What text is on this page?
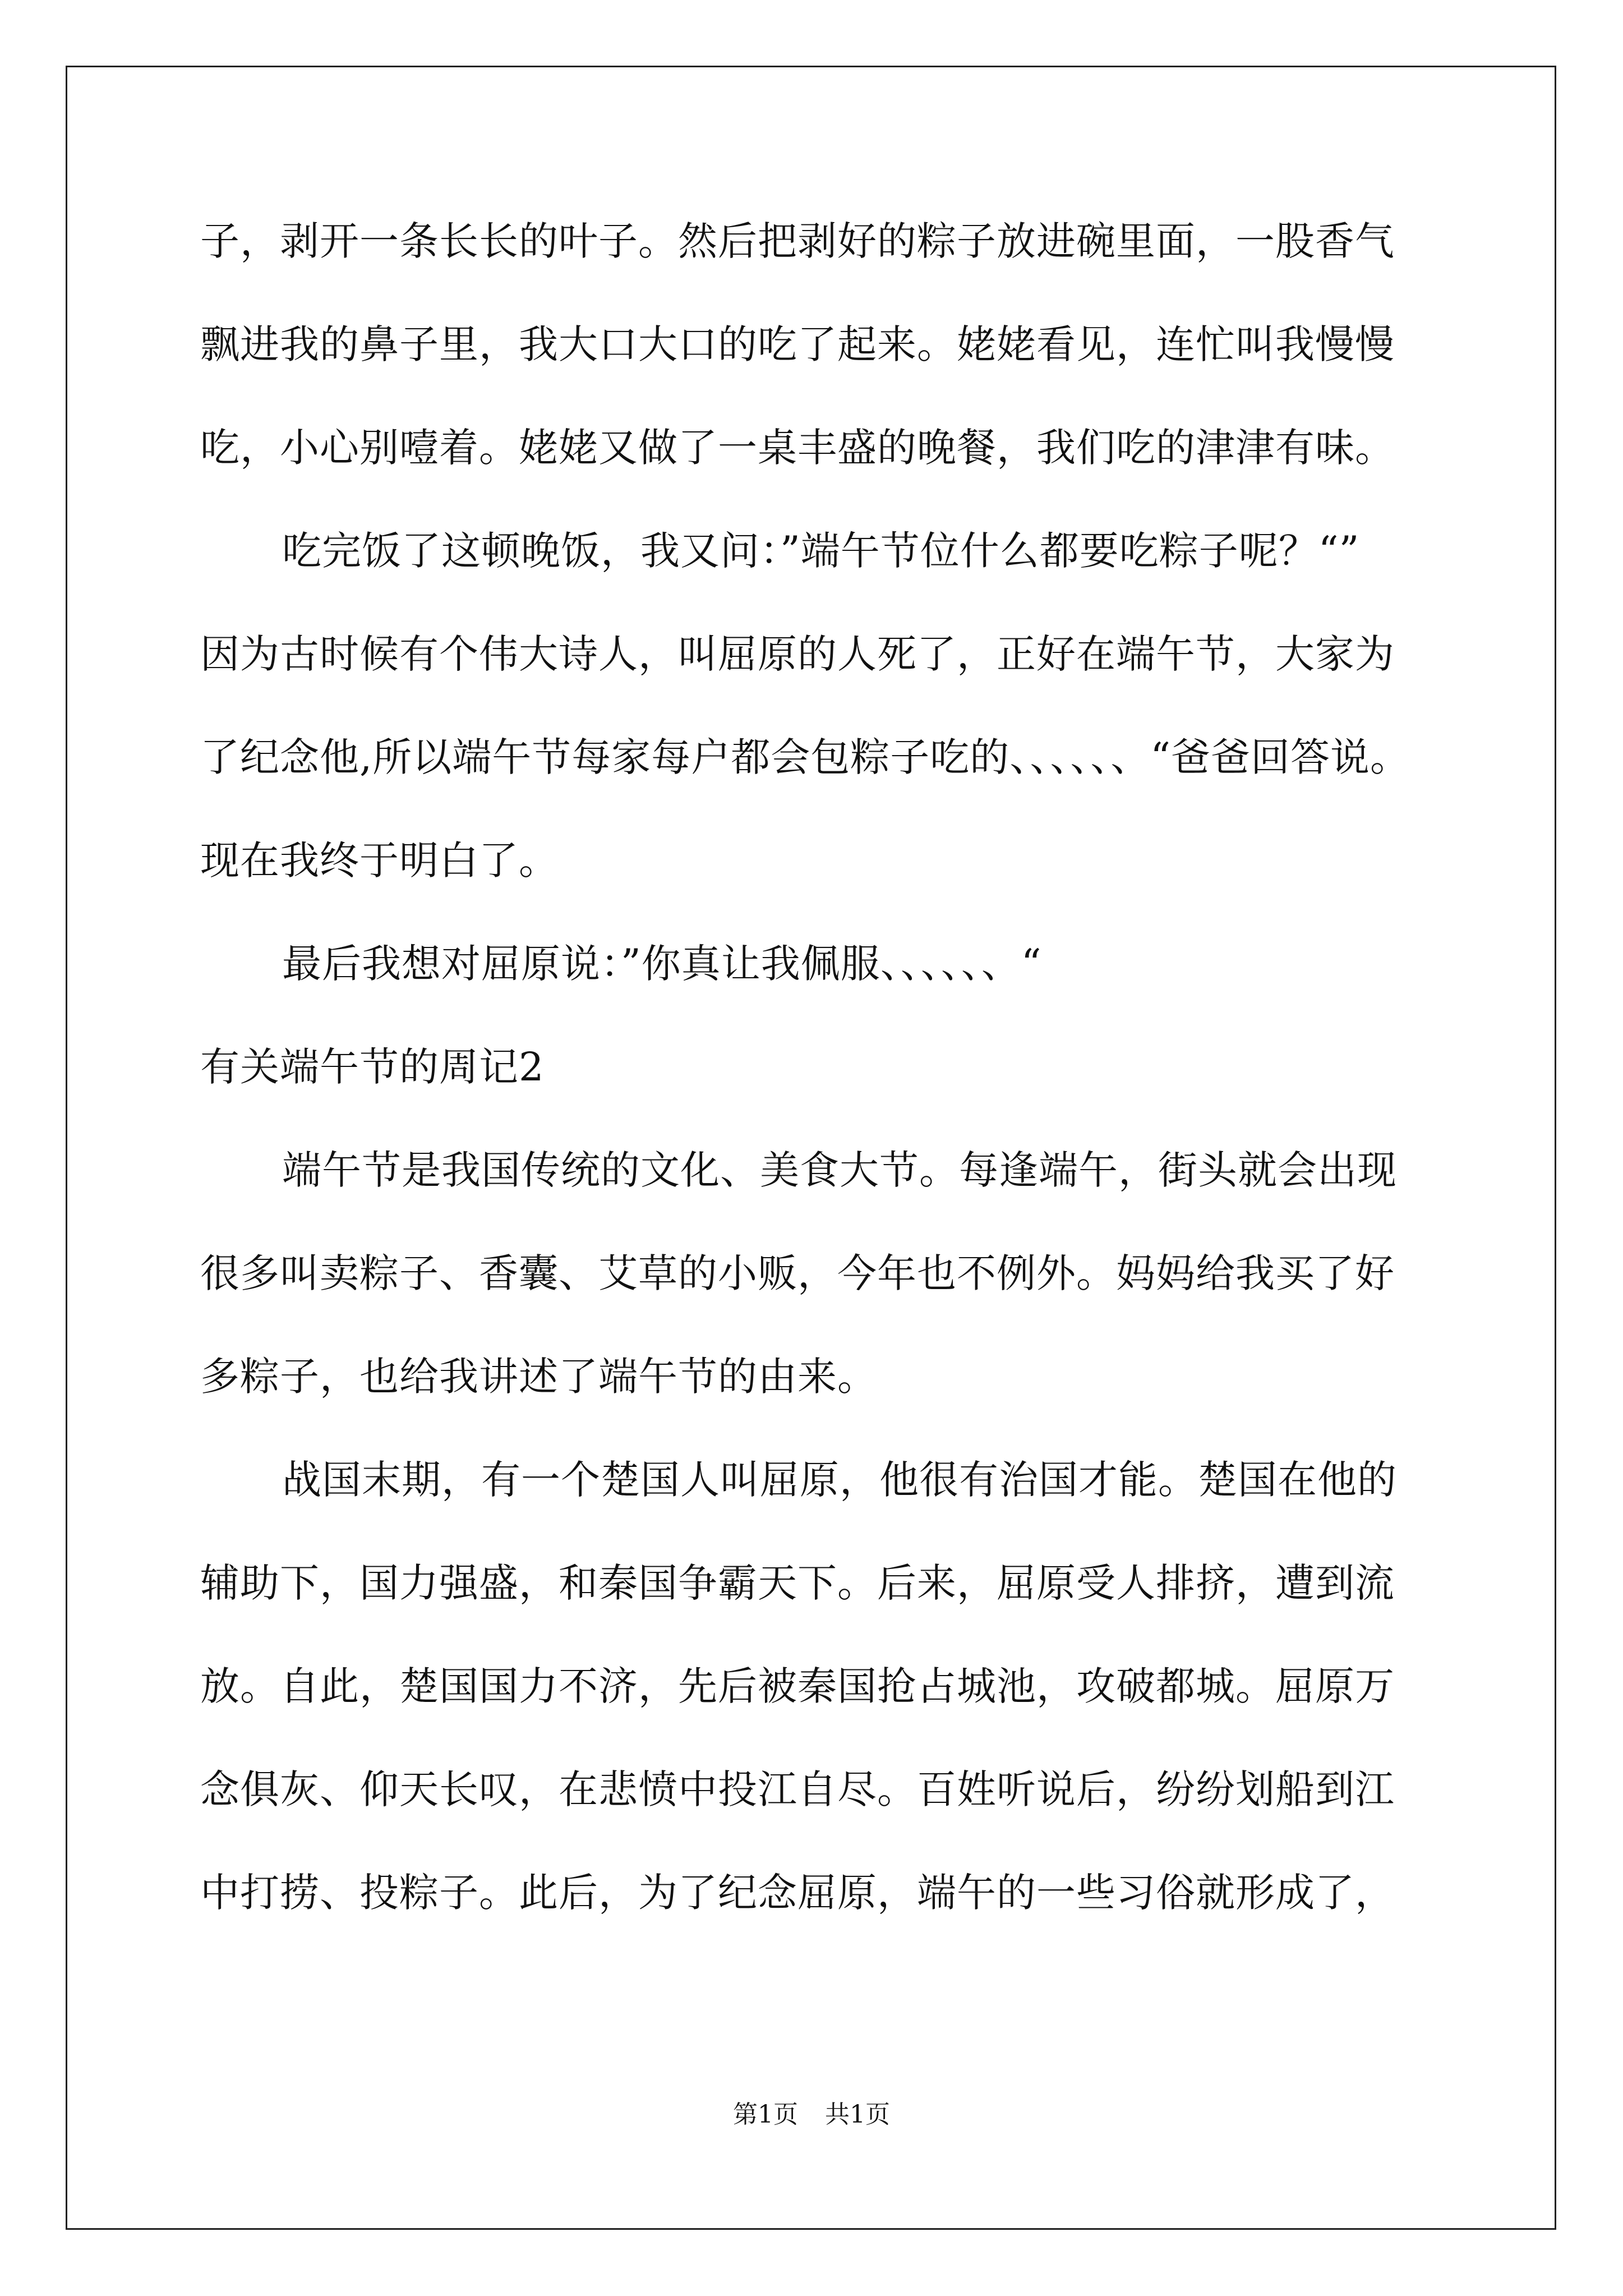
子，剥开一条长长的叶子。然后把剥好的粽子放进碗里面，一股香气
飘进我的鼻子里，我大口大口的吃了起来。姥姥看见，连忙叫我慢慢
吃，小心别噎着。姥姥又做了一桌丰盛的晚餐，我们吃的津津有味。
吃完饭了这顿晚饭，我又问：”端午节位什么都要吃粽子呢？“”
因为古时候有个伟大诗人，叫屈原的人死了，正好在端午节，大家为
了纪念他,所以端午节每家每户都会包粽子吃的、、、、、、“爸爸回答说。
现在我终于明白了。
最后我想对屈原说：”你真让我佩服、、、、、、“
有关端午节的周记2
端午节是我国传统的文化、美食大节。每逢端午，街头就会出现
很多叫卖粽子、香囊、艾草的小贩，今年也不例外。妈妈给我买了好
多粽子，也给我讲述了端午节的由来。
战国末期，有一个楚国人叫屈原，他很有治国才能。楚国在他的
辅助下，国力强盛，和秦国争霸天下。后来，屈原受人排挤，遭到流
放。自此，楚国国力不济，先后被秦国抢占城池，攻破都城。屈原万
念俱灰、仰天长叹，在悲愤中投江自尽。百姓听说后，纷纷划船到江
中打捞、投粽子。此后，为了纪念屈原，端午的一些习俗就形成了，
第1页 共1页
